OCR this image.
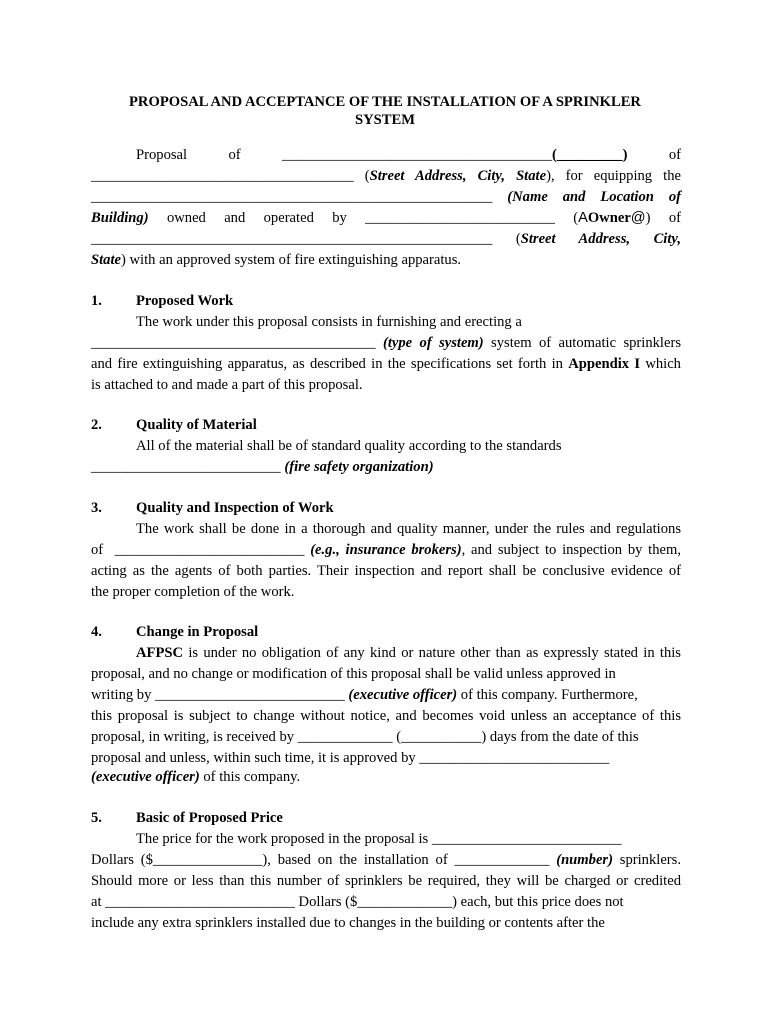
PROPOSAL AND ACCEPTANCE OF THE INSTALLATION OF A SPRINKLER
SYSTEM
Proposal of _____________________________________(_________) of
____________________________________ (Street Address, City, State), for equipping the
_______________________________________________________ (Name and Location of
Building) owned and operated by __________________________ (AOwner@) of
_______________________________________________________ (Street Address, City,
State) with an approved system of fire extinguishing apparatus.
1. Proposed Work
The work under this proposal consists in furnishing and erecting a
_______________________________________ (type of system) system of automatic sprinklers
and fire extinguishing apparatus, as described in the specifications set forth in Appendix I which
is attached to and made a part of this proposal.
2. Quality of Material
All of the material shall be of standard quality according to the standards
__________________________ (fire safety organization)
3. Quality and Inspection of Work
The work shall be done in a thorough and quality manner, under the rules and regulations
of  __________________________ (e.g., insurance brokers), and subject to inspection by them,
acting as the agents of both parties. Their inspection and report shall be conclusive evidence of
the proper completion of the work.
4. Change in Proposal
AFPSC is under no obligation of any kind or nature other than as expressly stated in this
proposal, and no change or modification of this proposal shall be valid unless approved in
writing by __________________________ (executive officer) of this company. Furthermore,
this proposal is subject to change without notice, and becomes void unless an acceptance of this
proposal, in writing, is received by _____________ (___________) days from the date of this
proposal and unless, within such time, it is approved by __________________________
(executive officer) of this company.
5. Basic of Proposed Price
The price for the work proposed in the proposal is __________________________
Dollars ($_______________), based on the installation of _____________ (number) sprinklers.
Should more or less than this number of sprinklers be required, they will be charged or credited
at __________________________ Dollars ($_____________) each, but this price does not
include any extra sprinklers installed due to changes in the building or contents after the
